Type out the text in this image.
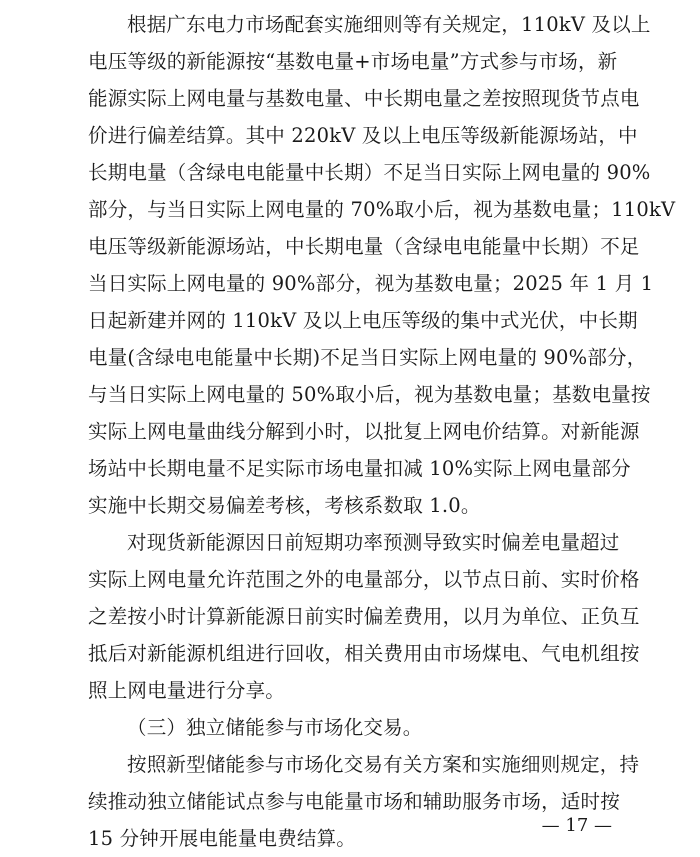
根据广东电力市场配套实施细则等有关规定，110kV 及以上
电压等级的新能源按“基数电量+市场电量”方式参与市场，新
能源实际上网电量与基数电量、中长期电量之差按照现货节点电
价进行偏差结算。其中 220kV 及以上电压等级新能源场站，中
长期电量（含绿电电能量中长期）不足当日实际上网电量的 90%
部分，与当日实际上网电量的 70%取小后，视为基数电量；110kV
电压等级新能源场站，中长期电量（含绿电电能量中长期）不足
当日实际上网电量的 90%部分，视为基数电量；2025 年 1 月 1
日起新建并网的 110kV 及以上电压等级的集中式光伏，中长期
电量(含绿电电能量中长期)不足当日实际上网电量的 90%部分，
与当日实际上网电量的 50%取小后，视为基数电量；基数电量按
实际上网电量曲线分解到小时，以批复上网电价结算。对新能源
场站中长期电量不足实际市场电量扣减 10%实际上网电量部分
实施中长期交易偏差考核，考核系数取 1.0。
对现货新能源因日前短期功率预测导致实时偏差电量超过
实际上网电量允许范围之外的电量部分，以节点日前、实时价格
之差按小时计算新能源日前实时偏差费用，以月为单位、正负互
抵后对新能源机组进行回收，相关费用由市场煤电、气电机组按
照上网电量进行分享。
（三）独立储能参与市场化交易。
按照新型储能参与市场化交易有关方案和实施细则规定，持
续推动独立储能试点参与电能量市场和辅助服务市场，适时按
15 分钟开展电能量电费结算。
— 17 —
